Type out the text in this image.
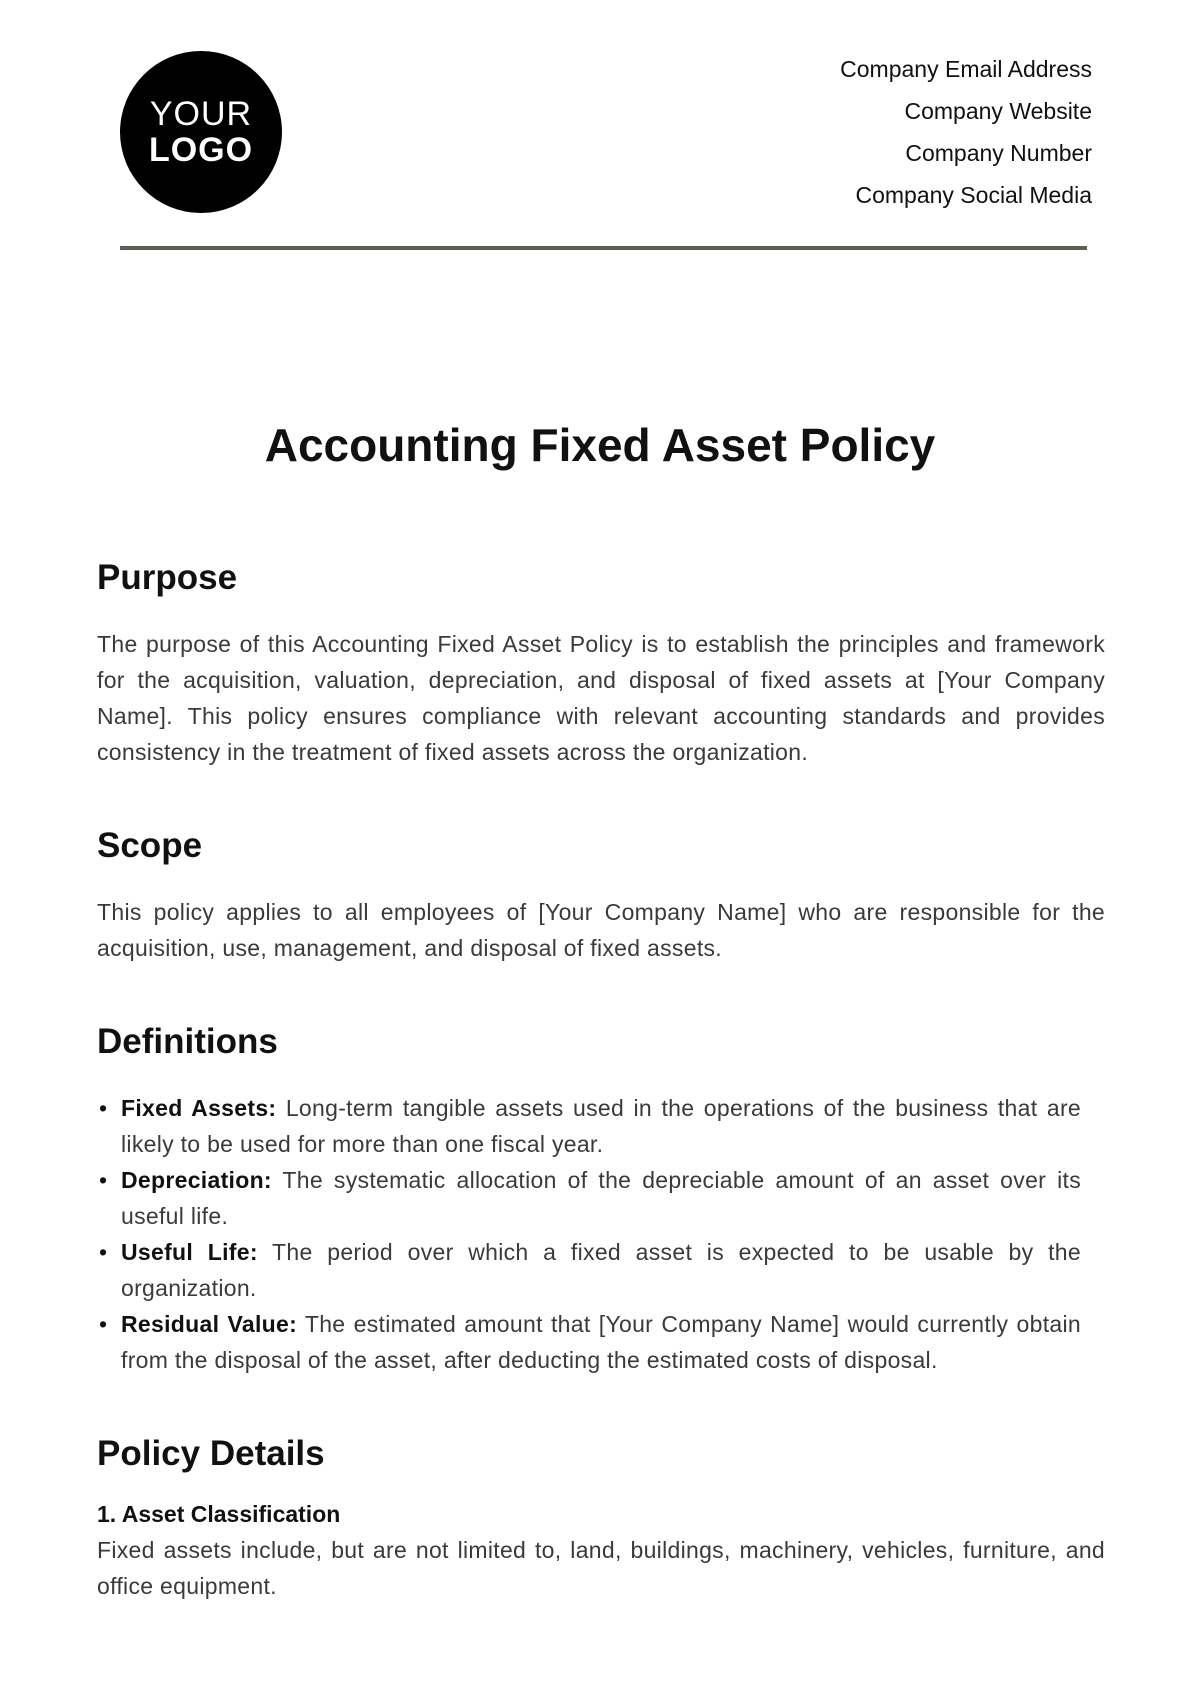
YOUR
LOGO
Company Email Address
Company Website
Company Number
Company Social Media
Accounting Fixed Asset Policy
Purpose

The purpose of this Accounting Fixed Asset Policy is to establish the principles and framework for the acquisition, valuation, depreciation, and disposal of fixed assets at [Your Company Name]. This policy ensures compliance with relevant accounting standards and provides consistency in the treatment of fixed assets across the organization.

Scope

This policy applies to all employees of [Your Company Name] who are responsible for the acquisition, use, management, and disposal of fixed assets.

Definitions
• Fixed Assets: Long-term tangible assets used in the operations of the business that are likely to be used for more than one fiscal year.
• Depreciation: The systematic allocation of the depreciable amount of an asset over its useful life.
• Useful Life: The period over which a fixed asset is expected to be usable by the organization.
• Residual Value: The estimated amount that [Your Company Name] would currently obtain from the disposal of the asset, after deducting the estimated costs of disposal.
Policy Details
1. Asset Classification

Fixed assets include, but are not limited to, land, buildings, machinery, vehicles, furniture, and office equipment.
